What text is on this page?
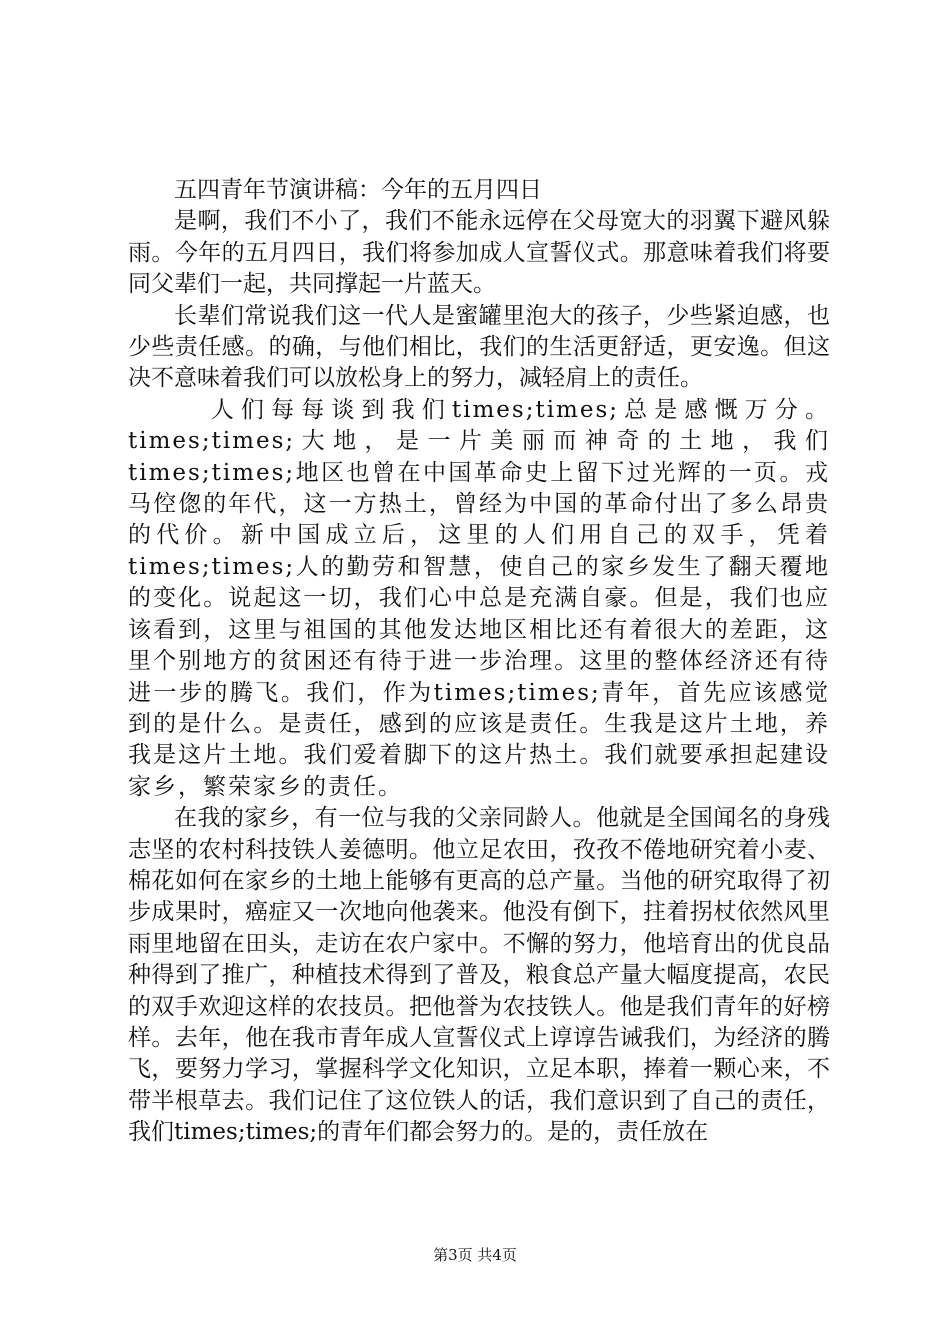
五四青年节演讲稿：今年的五月四日

是啊，我们不小了，我们不能永远停在父母宽大的羽翼下避风躲雨。今年的五月四日，我们将参加成人宣誓仪式。那意味着我们将要同父辈们一起，共同撑起一片蓝天。

长辈们常说我们这一代人是蜜罐里泡大的孩子，少些紧迫感，也少些责任感。的确，与他们相比，我们的生活更舒适，更安逸。但这决不意味着我们可以放松身上的努力，减轻肩上的责任。

人们每每谈到我们times;times;总是感慨万分。times;times;大地，是一片美丽而神奇的土地，我们times;times;地区也曾在中国革命史上留下过光辉的一页。戎马倥偬的年代，这一方热土，曾经为中国的革命付出了多么昂贵的代价。新中国成立后，这里的人们用自己的双手，凭着times;times;人的勤劳和智慧，使自己的家乡发生了翻天覆地的变化。说起这一切，我们心中总是充满自豪。但是，我们也应该看到，这里与祖国的其他发达地区相比还有着很大的差距，这里个别地方的贫困还有待于进一步治理。这里的整体经济还有待进一步的腾飞。我们，作为times;times;青年，首先应该感觉到的是什么。是责任，感到的应该是责任。生我是这片土地，养我是这片土地。我们爱着脚下的这片热土。我们就要承担起建设家乡，繁荣家乡的责任。

在我的家乡，有一位与我的父亲同龄人。他就是全国闻名的身残志坚的农村科技铁人姜德明。他立足农田，孜孜不倦地研究着小麦、棉花如何在家乡的土地上能够有更高的总产量。当他的研究取得了初步成果时，癌症又一次地向他袭来。他没有倒下，拄着拐杖依然风里雨里地留在田头，走访在农户家中。不懈的努力，他培育出的优良品种得到了推广，种植技术得到了普及，粮食总产量大幅度提高，农民的双手欢迎这样的农技员。把他誉为农技铁人。他是我们青年的好榜样。去年，他在我市青年成人宣誓仪式上谆谆告诫我们，为经济的腾飞，要努力学习，掌握科学文化知识，立足本职，捧着一颗心来，不带半根草去。我们记住了这位铁人的话，我们意识到了自己的责任，我们times;times;的青年们都会努力的。是的，责任放在

第3页 共4页
